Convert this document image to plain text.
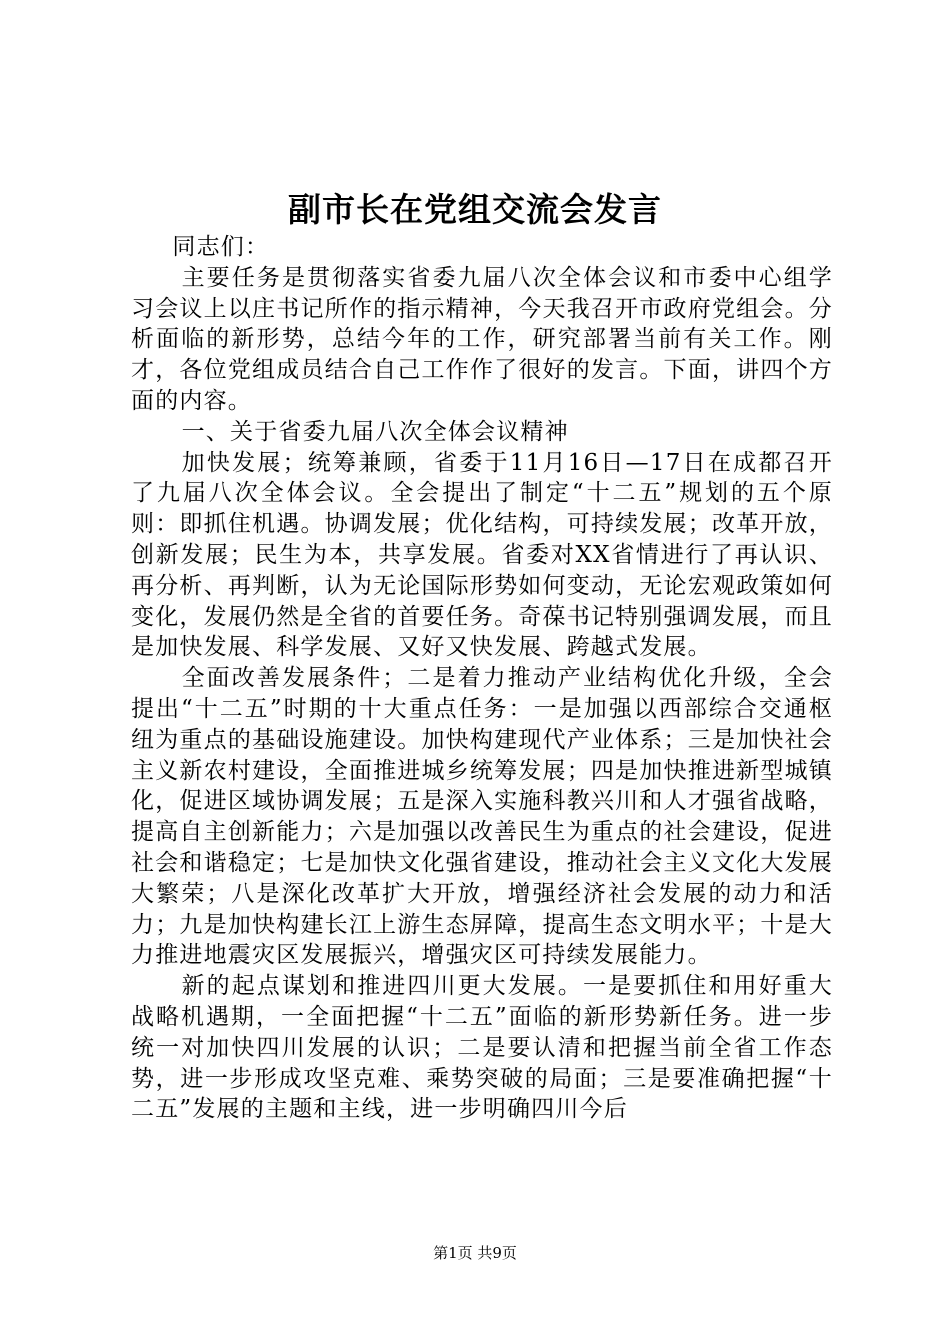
副市长在党组交流会发言

同志们：

主要任务是贯彻落实省委九届八次全体会议和市委中心组学习会议上以庄书记所作的指示精神，今天我召开市政府党组会。分析面临的新形势，总结今年的工作，研究部署当前有关工作。刚才，各位党组成员结合自己工作作了很好的发言。下面，讲四个方面的内容。

一、关于省委九届八次全体会议精神

加快发展；统筹兼顾，省委于11月16日—17日在成都召开了九届八次全体会议。全会提出了制定“十二五”规划的五个原则：即抓住机遇。协调发展；优化结构，可持续发展；改革开放，创新发展；民生为本，共享发展。省委对XX省情进行了再认识、再分析、再判断，认为无论国际形势如何变动，无论宏观政策如何变化，发展仍然是全省的首要任务。奇葆书记特别强调发展，而且是加快发展、科学发展、又好又快发展、跨越式发展。

全面改善发展条件；二是着力推动产业结构优化升级，全会提出“十二五”时期的十大重点任务：一是加强以西部综合交通枢纽为重点的基础设施建设。加快构建现代产业体系；三是加快社会主义新农村建设，全面推进城乡统筹发展；四是加快推进新型城镇化，促进区域协调发展；五是深入实施科教兴川和人才强省战略，提高自主创新能力；六是加强以改善民生为重点的社会建设，促进社会和谐稳定；七是加快文化强省建设，推动社会主义文化大发展大繁荣；八是深化改革扩大开放，增强经济社会发展的动力和活力；九是加快构建长江上游生态屏障，提高生态文明水平；十是大力推进地震灾区发展振兴，增强灾区可持续发展能力。

新的起点谋划和推进四川更大发展。一是要抓住和用好重大战略机遇期，一全面把握“十二五”面临的新形势新任务。进一步统一对加快四川发展的认识；二是要认清和把握当前全省工作态势，进一步形成攻坚克难、乘势突破的局面；三是要准确把握“十二五”发展的主题和主线，进一步明确四川今后

第1页 共9页
